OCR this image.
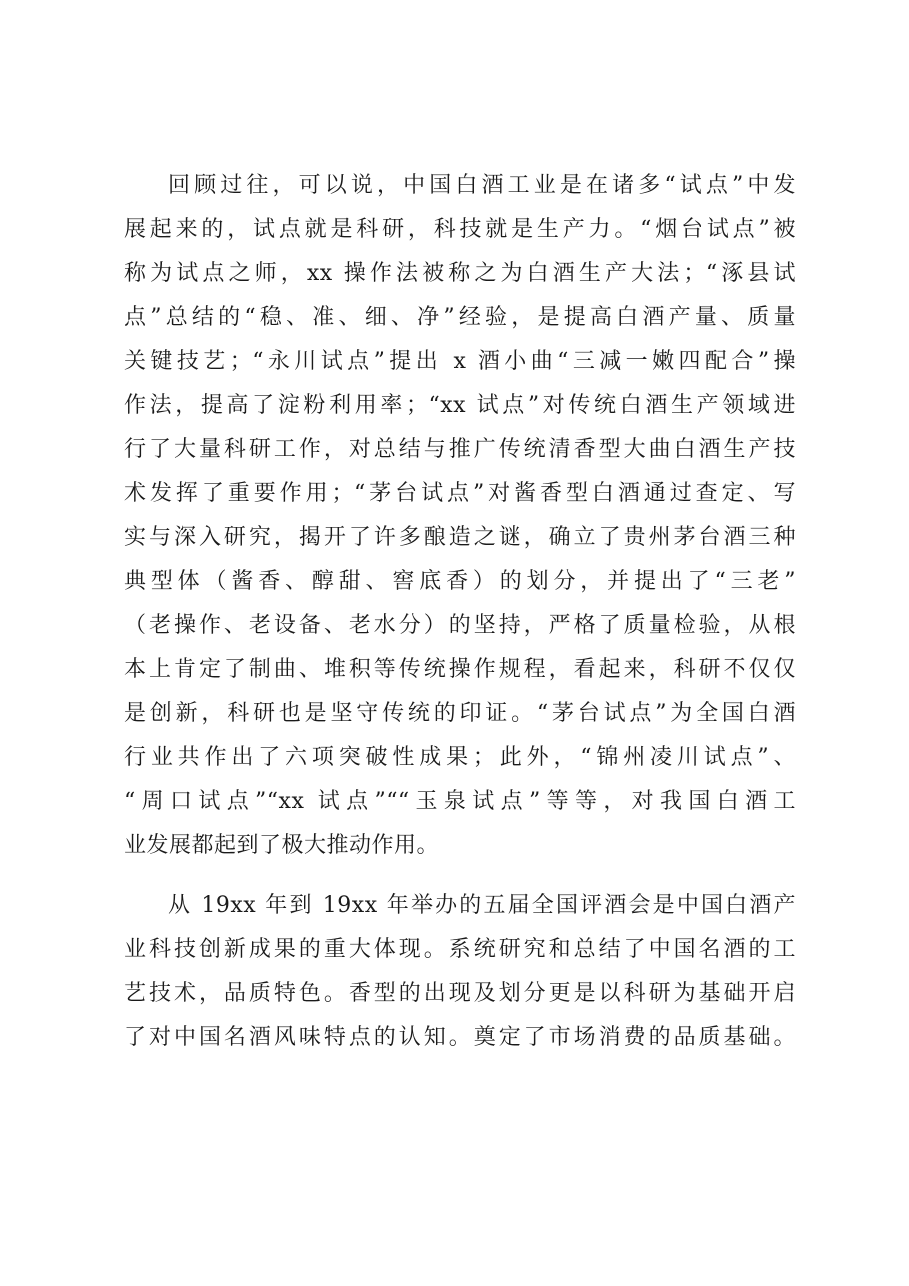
回顾过往，可以说，中国白酒工业是在诸多“试点”中发
展起来的，试点就是科研，科技就是生产力。“烟台试点”被
称为试点之师，xx 操作法被称之为白酒生产大法；“涿县试
点”总结的“稳、准、细、净”经验，是提高白酒产量、质量
关键技艺；“永川试点”提出 x 酒小曲“三减一嫩四配合”操
作法，提高了淀粉利用率；“xx 试点”对传统白酒生产领域进
行了大量科研工作，对总结与推广传统清香型大曲白酒生产技
术发挥了重要作用；“茅台试点”对酱香型白酒通过查定、写
实与深入研究，揭开了许多酿造之谜，确立了贵州茅台酒三种
典型体（酱香、醇甜、窖底香）的划分，并提出了“三老”
（老操作、老设备、老水分）的坚持，严格了质量检验，从根
本上肯定了制曲、堆积等传统操作规程，看起来，科研不仅仅
是创新，科研也是坚守传统的印证。“茅台试点”为全国白酒
行业共作出了六项突破性成果；此外，“锦州凌川试点”、
“周口试点”“xx 试点”““玉泉试点”等等，对我国白酒工
业发展都起到了极大推动作用。
从 19xx 年到 19xx 年举办的五届全国评酒会是中国白酒产
业科技创新成果的重大体现。系统研究和总结了中国名酒的工
艺技术，品质特色。香型的出现及划分更是以科研为基础开启
了对中国名酒风味特点的认知。奠定了市场消费的品质基础。
